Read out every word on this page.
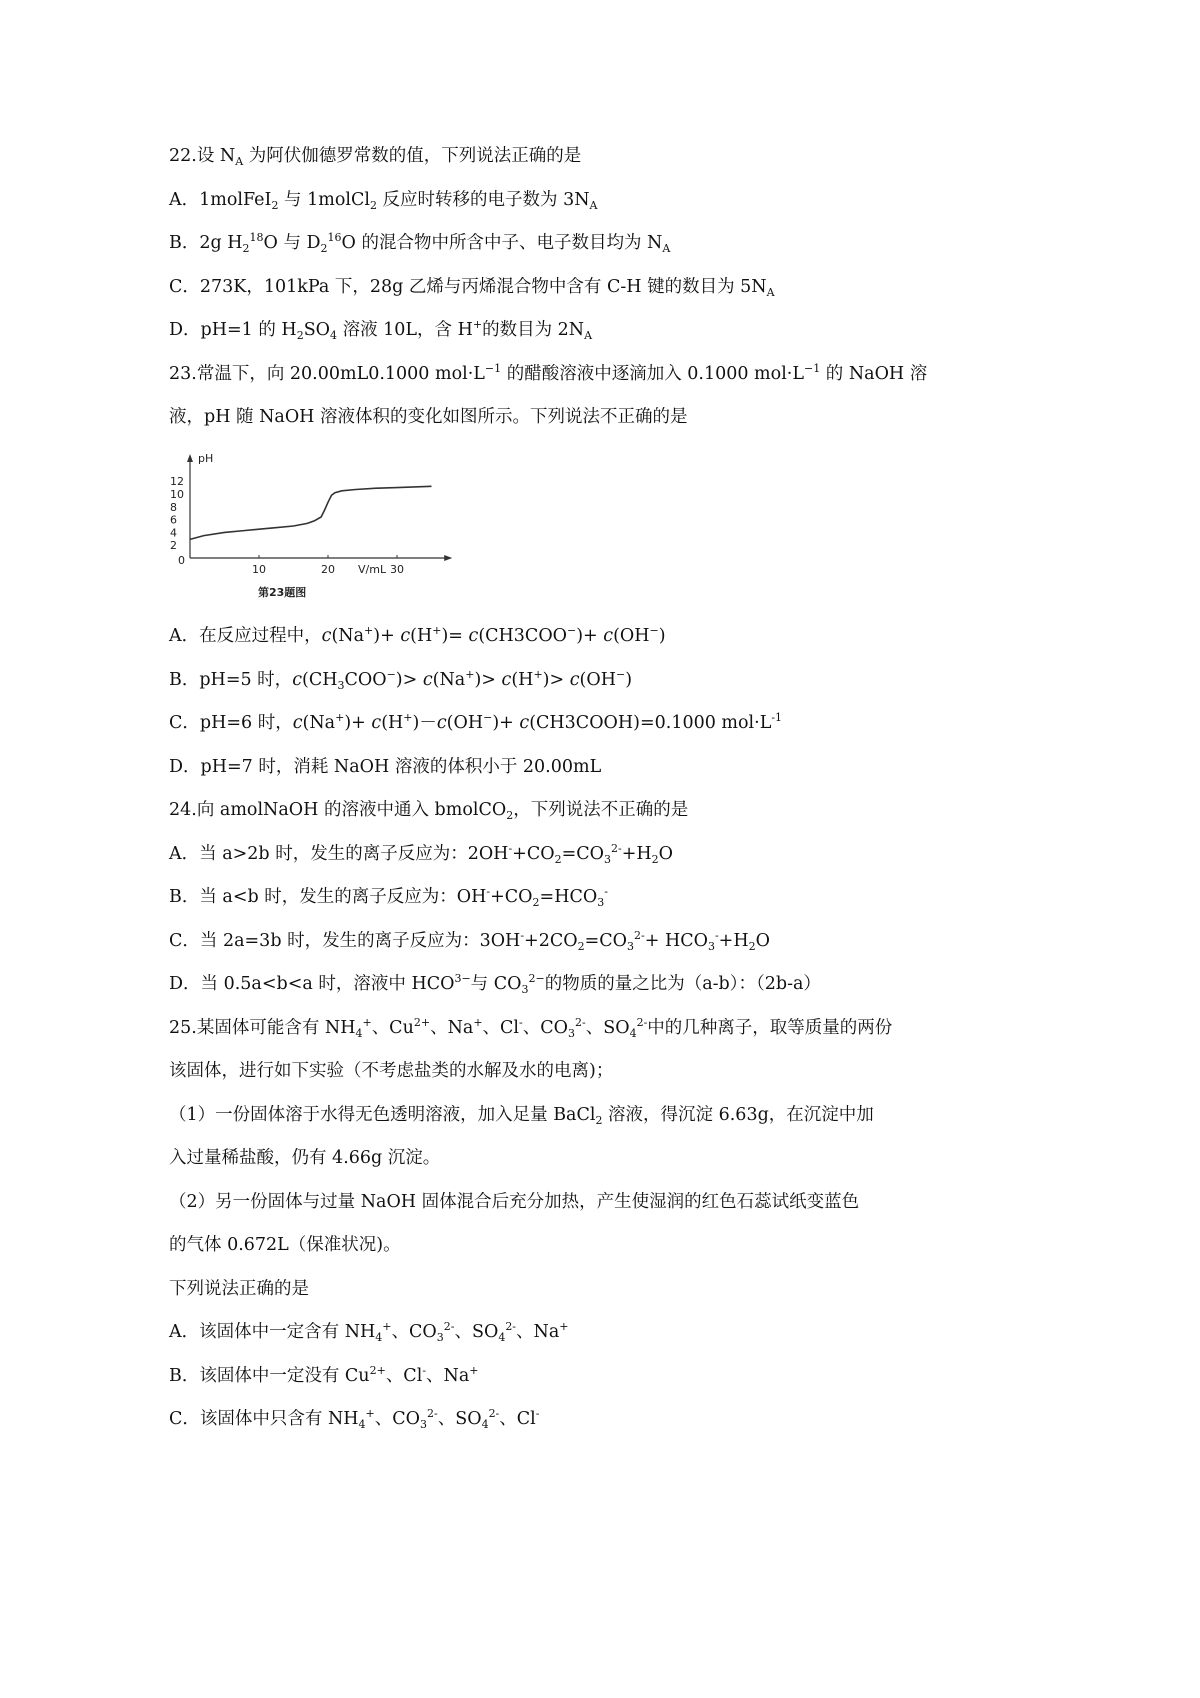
22.设 $N_A$ 为阿伏伽德罗常数的值，下列说法正确的是
A．1molFeI$_2$ 与 1molCl$_2$ 反应时转移的电子数为 $3N_A$
B．2g $H_2^{18}O$ 与 $D_2^{16}O$ 的混合物中所含中子、电子数目均为 $N_A$
C．273K，101kPa 下，28g 乙烯与丙烯混合物中含有 C-H 键的数目为 $5N_A$
D．pH=1 的 $H_2SO_4$ 溶液 10L，含 H+的数目为 $2N_A$
23.常温下，向 20.00mL0.1000 $mol\cdot L^{-1}$ 的醋酸溶液中逐滴加入 0.1000 $mol\cdot L^{-1}$ 的 NaOH 溶
液，pH 随 NaOH 溶液体积的变化如图所示。下列说法不正确的是
2
4
6
8
10
12
10	20	30
pH
V/mL
0
第23题图
A．在反应过程中，c(Na+)+ c(H+)= c(CH3COO−)+ c(OH−)
B．pH=5 时，$c(CH_3COO^-)> c(Na^+)> c(H^+)> c(OH^-)$
C．pH=6 时，c(Na+)+ c(H+)－c(OH−)+ c(CH3COOH)=0.1000 $mol\cdot L^{-1}$
D．pH=7 时，消耗 NaOH 溶液的体积小于 20.00mL
24.向 amolNaOH 的溶液中通入 bmolCO$_2$，下列说法不正确的是
A．当 a>2b 时，发生的离子反应为：$2OH^-+CO_2=CO_3^{2-}+H_2O$
B．当 a<b 时，发生的离子反应为：$OH^-+CO_2=HCO_3^-$
C．当 2a=3b 时，发生的离子反应为：$3OH^-+2CO_2=CO_3^{2-}+ HCO_3^-+H_2O$
D．当 0.5a<b<a 时，溶液中 $HCO^{3-}$与 $CO_3^{2-}$的物质的量之比为（a-b）：（2b-a）
25.某固体可能含有 $NH_4^+$、$Cu^{2+}$、Na+、Cl-、$CO_3^{2-}$、$SO_4^{2-}$中的几种离子，取等质量的两份
该固体，进行如下实验（不考虑盐类的水解及水的电离)；
（1）一份固体溶于水得无色透明溶液，加入足量 BaCl$_2$ 溶液，得沉淀 6.63g，在沉淀中加
入过量稀盐酸，仍有 4.66g 沉淀。
（2）另一份固体与过量 NaOH 固体混合后充分加热，产生使湿润的红色石蕊试纸变蓝色
的气体 0.672L（保准状况)。
下列说法正确的是
A．该固体中一定含有 $NH_4^+$、$CO_3^{2-}$、$SO_4^{2-}$、Na+
B．该固体中一定没有 $Cu^{2+}$、Cl-、Na+
C．该固体中只含有 $NH_4^+$、$CO_3^{2-}$、$SO_4^{2-}$、Cl-
